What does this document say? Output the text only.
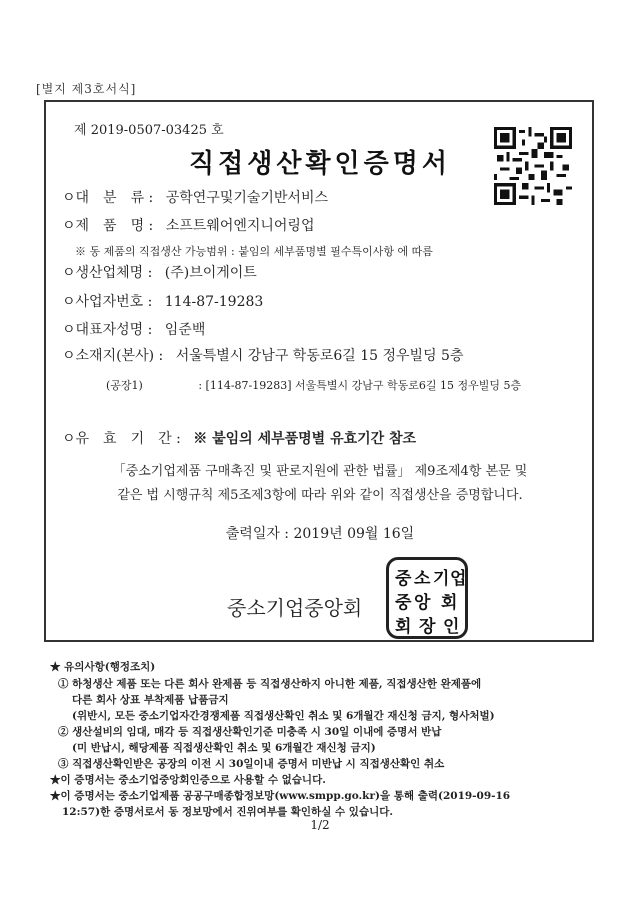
[별지 제3호서식]
제 2019-0507-03425 호
직접생산확인증명서
ㅇ대　분　류 : 공학연구및기술기반서비스
ㅇ제　품　명 : 소프트웨어엔지니어링업
※ 동 제품의 직접생산 가능범위 : 붙임의 세부품명별 필수특이사항 에 따름
ㅇ생산업체명 : (주)브이게이트
ㅇ사업자번호 : 114-87-19283
ㅇ대표자성명 : 임준백
ㅇ소재지(본사) : 서울특별시 강남구 학동로6길 15 정우빌딩 5층
(공장1)	: [114-87-19283] 서울특별시 강남구 학동로6길 15 정우빌딩 5층
ㅇ유　효　기　간 : ※ 붙임의 세부품명별 유효기간 참조
「중소기업제품 구매촉진 및 판로지원에 관한 법률」 제9조제4항 본문 및
같은 법 시행규칙 제5조제3항에 따라 위와 같이 직접생산을 증명합니다.
출력일자 : 2019년 09월 16일
중소기업중앙회
중 소 기 업
중 앙 회
회 장 인
★ 유의사항(행정조치)
① 하청생산 제품 또는 다른 회사 완제품 등 직접생산하지 아니한 제품, 직접생산한 완제품에
다른 회사 상표 부착제품 납품금지
(위반시, 모든 중소기업자간경쟁제품 직접생산확인 취소 및 6개월간 재신청 금지, 형사처벌)
② 생산설비의 임대, 매각 등 직접생산확인기준 미충족 시 30일 이내에 증명서 반납
(미 반납시, 해당제품 직접생산확인 취소 및 6개월간 재신청 금지)
③ 직접생산확인받은 공장의 이전 시 30일이내 증명서 미반납 시 직접생산확인 취소
★이 증명서는 중소기업중앙회인증으로 사용할 수 없습니다.
★이 증명서는 중소기업제품 공공구매종합정보망(www.smpp.go.kr)을 통해 출력(2019-09-16
12:57)한 증명서로서 동 정보망에서 진위여부를 확인하실 수 있습니다.
1/2
